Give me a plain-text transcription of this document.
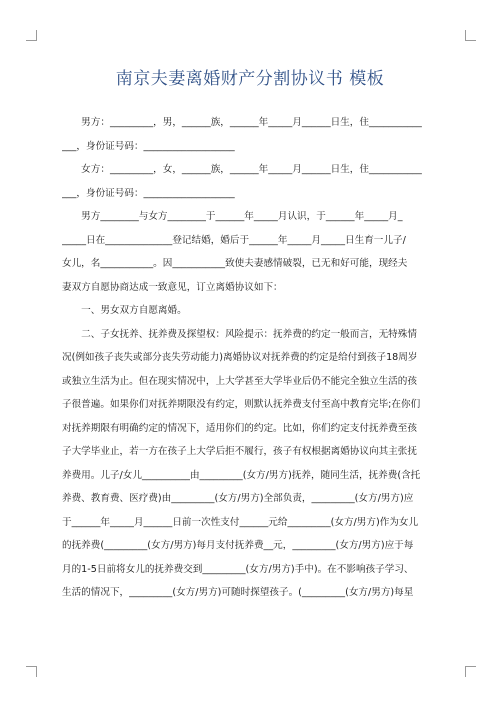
南京夫妻离婚财产分割协议书 模板
　　男方：_________，男，______族，______年_____月______日生，住___________
___，身份证号码：___________________
　　女方：_________，女，______族，______年_____月______日生，住___________
___，身份证号码：___________________
　　男方________与女方________于______年_____月认识，于______年_____月_
_____日在______________登记结婚，婚后于______年_____月_____日生育一儿子/
女儿，名___________。因___________致使夫妻感情破裂，已无和好可能，现经夫
妻双方自愿协商达成一致意见，订立离婚协议如下：
　　一、男女双方自愿离婚。
　　二、子女抚养、抚养费及探望权：风险提示：抚养费的约定一般而言，无特殊情
况(例如孩子丧失或部分丧失劳动能力)离婚协议对抚养费的约定是给付到孩子18周岁
或独立生活为止。但在现实情况中，上大学甚至大学毕业后仍不能完全独立生活的孩
子很普遍。如果你们对抚养期限没有约定，则默认抚养费支付至高中教育完毕;在你们
对抚养期限有明确约定的情况下，适用你们的约定。比如，你们约定支付抚养费至孩
子大学毕业止，若一方在孩子上大学后拒不履行，孩子有权根据离婚协议向其主张抚
养费用。儿子/女儿__________由_________(女方/男方)抚养，随同生活，抚养费(含托
养费、教育费、医疗费)由_________(女方/男方)全部负责，_________(女方/男方)应
于______年_____月______日前一次性支付______元给_________(女方/男方)作为女儿
的抚养费(_________(女方/男方)每月支付抚养费__元，_________(女方/男方)应于每
月的1-5日前将女儿的抚养费交到_________(女方/男方)手中)。在不影响孩子学习、
生活的情况下，_________(女方/男方)可随时探望孩子。(_________(女方/男方)每星
